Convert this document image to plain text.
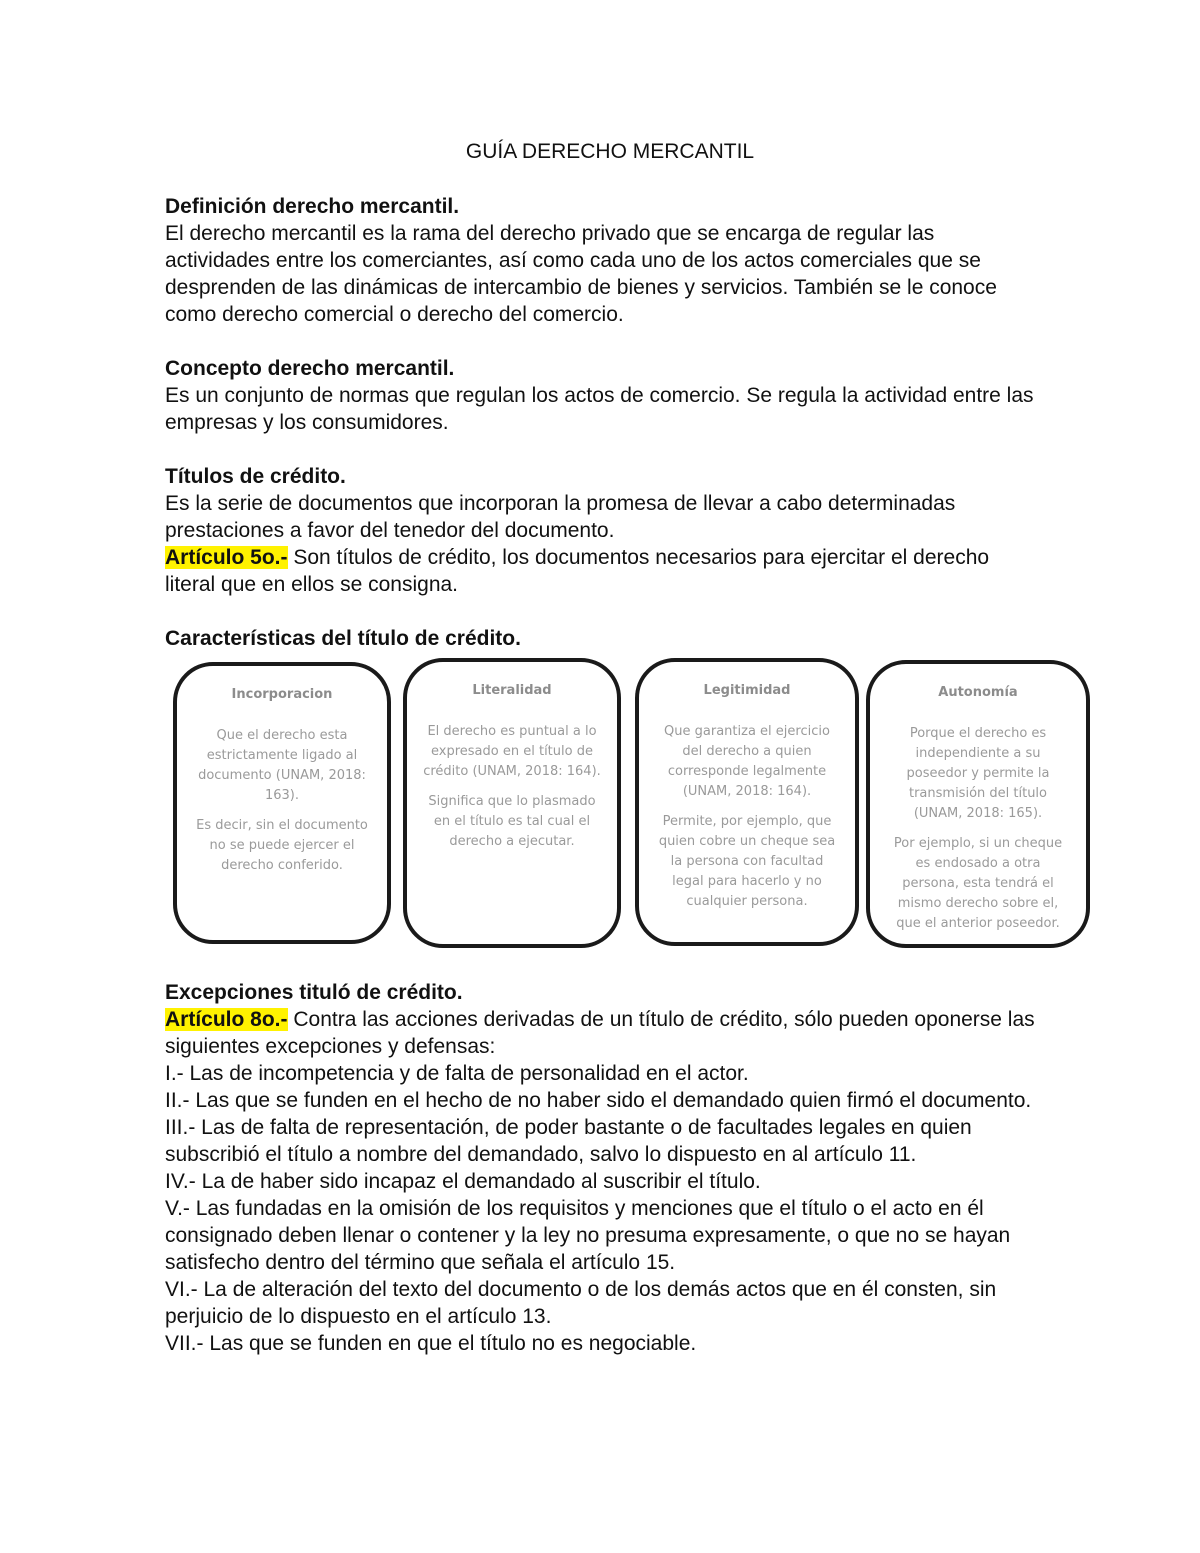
GUÍA DERECHO MERCANTIL

Definición derecho mercantil.

El derecho mercantil es la rama del derecho privado que se encarga de regular las actividades entre los comerciantes, así como cada uno de los actos comerciales que se desprenden de las dinámicas de intercambio de bienes y servicios. También se le conoce como derecho comercial o derecho del comercio.

Concepto derecho mercantil.

Es un conjunto de normas que regulan los actos de comercio. Se regula la actividad entre las empresas y los consumidores.

Títulos de crédito.

Es la serie de documentos que incorporan la promesa de llevar a cabo determinadas prestaciones a favor del tenedor del documento.

Artículo 5o.- Son títulos de crédito, los documentos necesarios para ejercitar el derecho literal que en ellos se consigna.

Características del título de crédito.

Incorporacion
Que el derecho esta estrictamente ligado al documento (UNAM, 2018: 163).
Es decir, sin el documento no se puede ejercer el derecho conferido.
Literalidad
El derecho es puntual a lo expresado en el título de crédito (UNAM, 2018: 164).
Significa que lo plasmado en el título es tal cual el derecho a ejecutar.
Legitimidad
Que garantiza el ejercicio del derecho a quien corresponde legalmente (UNAM, 2018: 164).
Permite, por ejemplo, que quien cobre un cheque sea la persona con facultad legal para hacerlo y no cualquier persona.
Autonomía
Porque el derecho es independiente a su poseedor y permite la transmisión del título (UNAM, 2018: 165).
Por ejemplo, si un cheque es endosado a otra persona, esta tendrá el mismo derecho sobre el, que el anterior poseedor.

Excepciones tituló de crédito.

Artículo 8o.- Contra las acciones derivadas de un título de crédito, sólo pueden oponerse las siguientes excepciones y defensas:

I.- Las de incompetencia y de falta de personalidad en el actor.

II.- Las que se funden en el hecho de no haber sido el demandado quien firmó el documento.

III.- Las de falta de representación, de poder bastante o de facultades legales en quien subscribió el título a nombre del demandado, salvo lo dispuesto en al artículo 11.

IV.- La de haber sido incapaz el demandado al suscribir el título.

V.- Las fundadas en la omisión de los requisitos y menciones que el título o el acto en él consignado deben llenar o contener y la ley no presuma expresamente, o que no se hayan satisfecho dentro del término que señala el artículo 15.

VI.- La de alteración del texto del documento o de los demás actos que en él consten, sin perjuicio de lo dispuesto en el artículo 13.

VII.- Las que se funden en que el título no es negociable.
